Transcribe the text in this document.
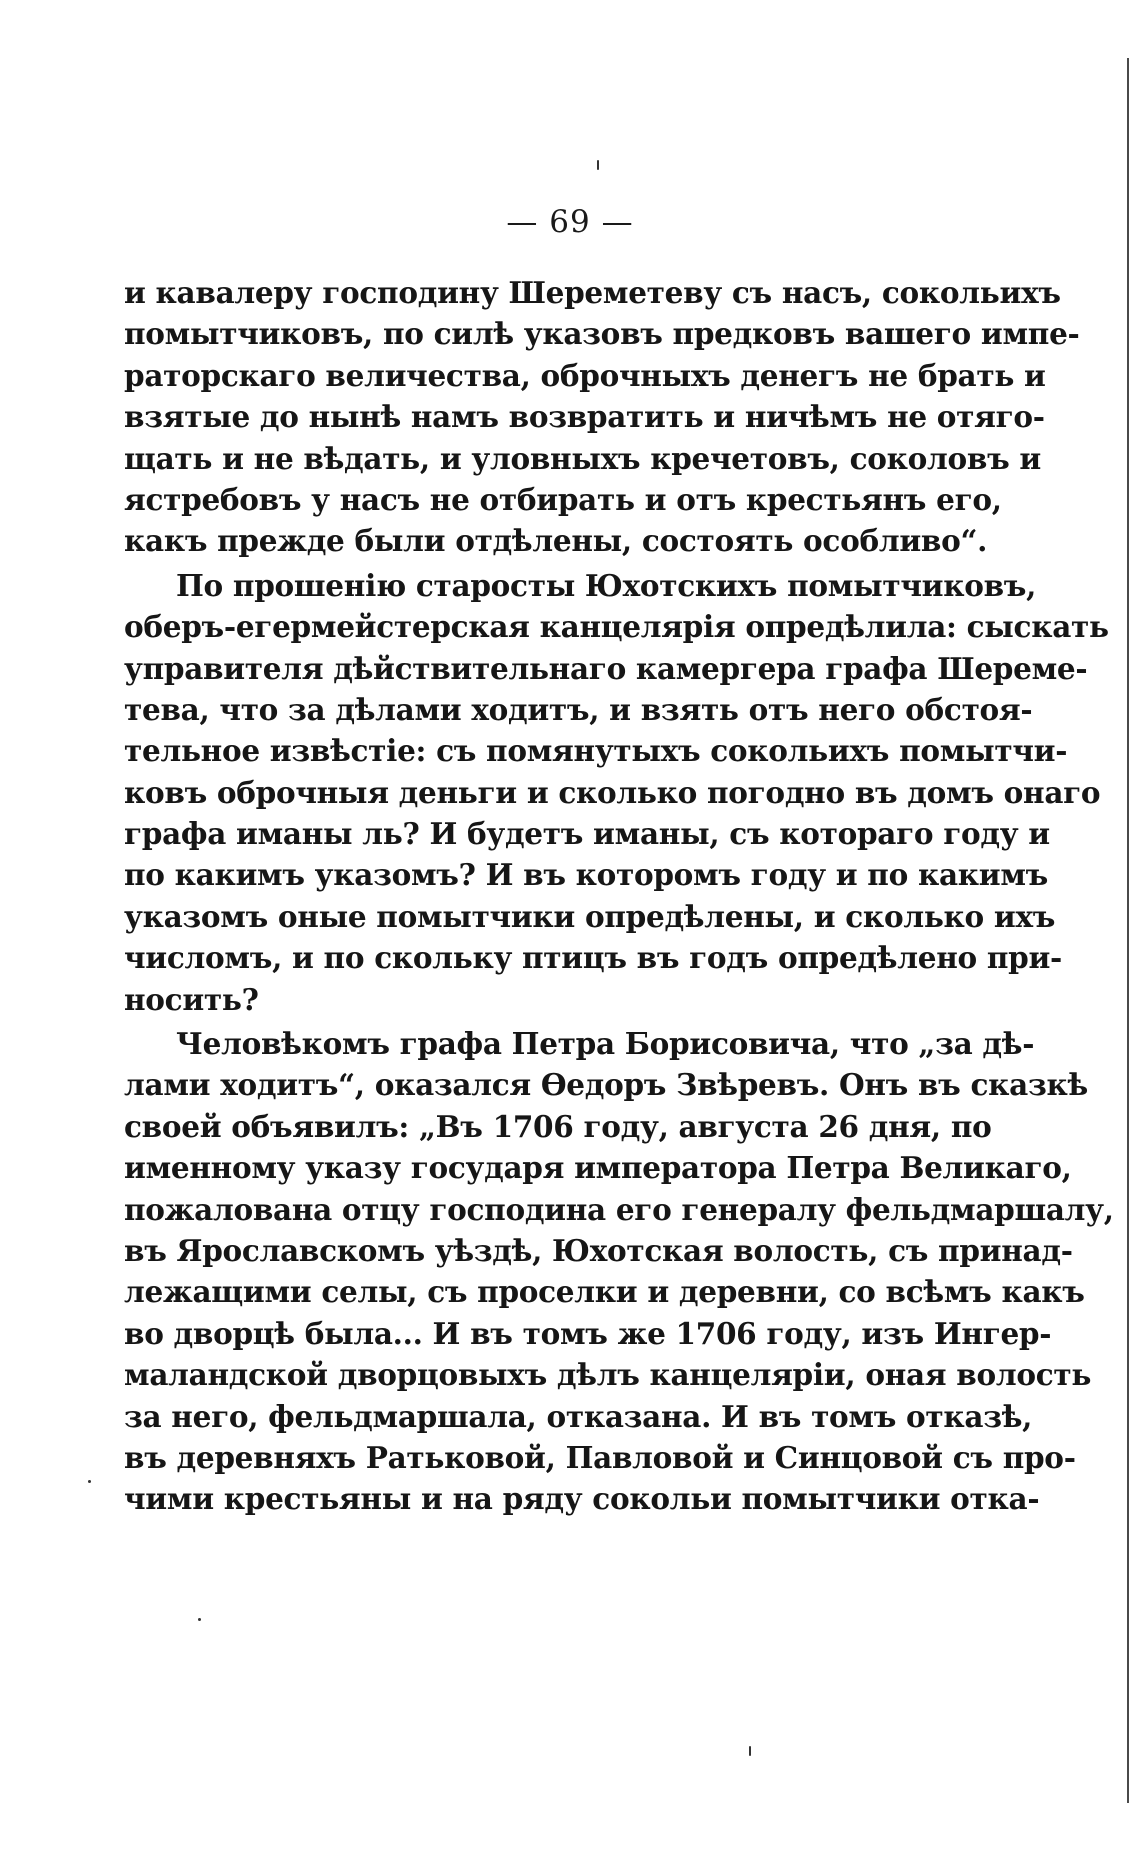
— 69 —
и кавалеру господину Шереметеву съ насъ, сокольихъ
помытчиковъ, по силѣ указовъ предковъ вашего импе-
раторскаго величества, оброчныхъ денегъ не брать и
взятые до нынѣ намъ возвратить и ничѣмъ не отяго-
щать и не вѣдать, и уловныхъ кречетовъ, соколовъ и
ястребовъ у насъ не отбирать и отъ крестьянъ его,
какъ прежде были отдѣлены, состоять особливо“.
По прошенію старосты Юхотскихъ помытчиковъ,
оберъ-егермейстерская канцелярія опредѣлила: сыскать
управителя дѣйствительнаго камергера графа Шереме-
тева, что за дѣлами ходитъ, и взять отъ него обстоя-
тельное извѣстіе: съ помянутыхъ сокольихъ помытчи-
ковъ оброчныя деньги и сколько погодно въ домъ онаго
графа иманы ль? И будетъ иманы, съ котораго году и
по какимъ указомъ? И въ которомъ году и по какимъ
указомъ оные помытчики опредѣлены, и сколько ихъ
числомъ, и по скольку птицъ въ годъ опредѣлено при-
носить?
Человѣкомъ графа Петра Борисовича, что „за дѣ-
лами ходитъ“, оказался Өедоръ Звѣревъ. Онъ въ сказкѣ
своей объявилъ: „Въ 1706 году, августа 26 дня, по
именному указу государя императора Петра Великаго,
пожалована отцу господина его генералу фельдмаршалу,
въ Ярославскомъ уѣздѣ, Юхотская волость, съ принад-
лежащими селы, съ проселки и деревни, со всѣмъ какъ
во дворцѣ была... И въ томъ же 1706 году, изъ Ингер-
маландской дворцовыхъ дѣлъ канцеляріи, оная волость
за него, фельдмаршала, отказана. И въ томъ отказѣ,
въ деревняхъ Ратьковой, Павловой и Синцовой съ про-
чими крестьяны и на ряду сокольи помытчики отка-
